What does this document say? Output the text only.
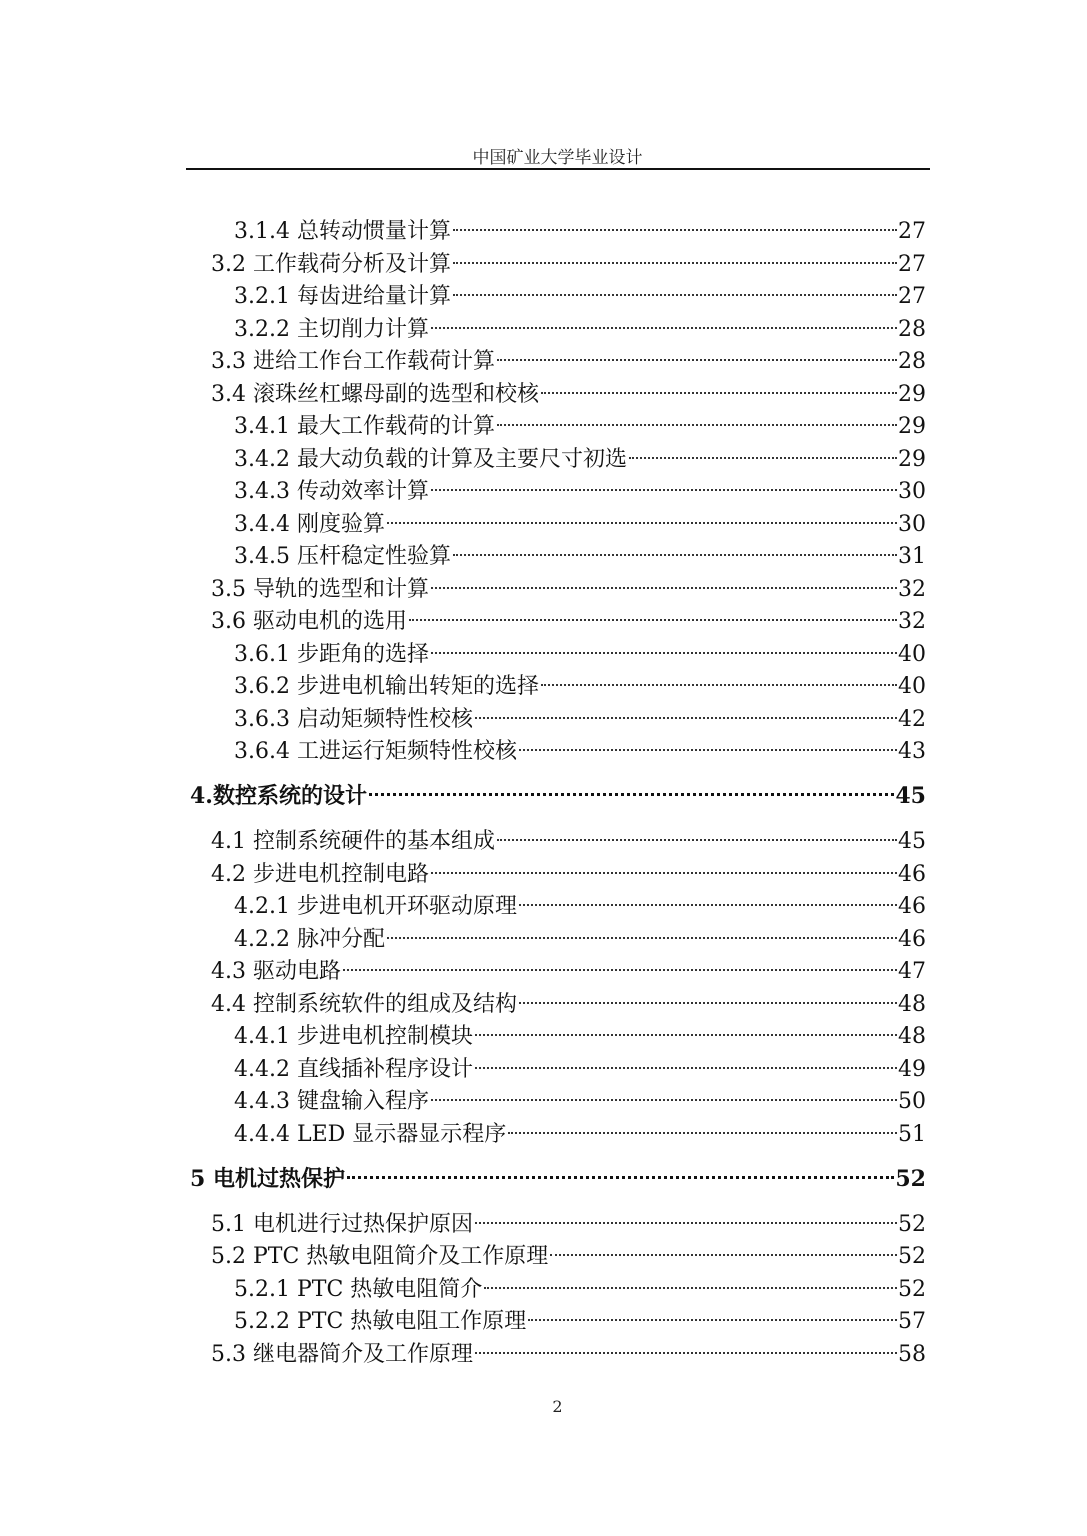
中国矿业大学毕业设计
3.1.4 总转动惯量计算	27
3.2 工作载荷分析及计算	27
3.2.1 每齿进给量计算	27
3.2.2 主切削力计算	28
3.3 进给工作台工作载荷计算	28
3.4 滚珠丝杠螺母副的选型和校核	29
3.4.1 最大工作载荷的计算	29
3.4.2 最大动负载的计算及主要尺寸初选	29
3.4.3 传动效率计算	30
3.4.4 刚度验算	30
3.4.5 压杆稳定性验算	31
3.5 导轨的选型和计算	32
3.6 驱动电机的选用	32
3.6.1 步距角的选择	40
3.6.2 步进电机输出转矩的选择	40
3.6.3 启动矩频特性校核	42
3.6.4 工进运行矩频特性校核	43
4.数控系统的设计	45
4.1 控制系统硬件的基本组成	45
4.2 步进电机控制电路	46
4.2.1 步进电机开环驱动原理	46
4.2.2 脉冲分配	46
4.3 驱动电路	47
4.4 控制系统软件的组成及结构	48
4.4.1 步进电机控制模块	48
4.4.2 直线插补程序设计	49
4.4.3 键盘输入程序	50
4.4.4 LED 显示器显示程序	51
5 电机过热保护	52
5.1 电机进行过热保护原因	52
5.2 PTC 热敏电阻简介及工作原理	52
5.2.1 PTC 热敏电阻简介	52
5.2.2 PTC 热敏电阻工作原理	57
5.3 继电器简介及工作原理	58
2
